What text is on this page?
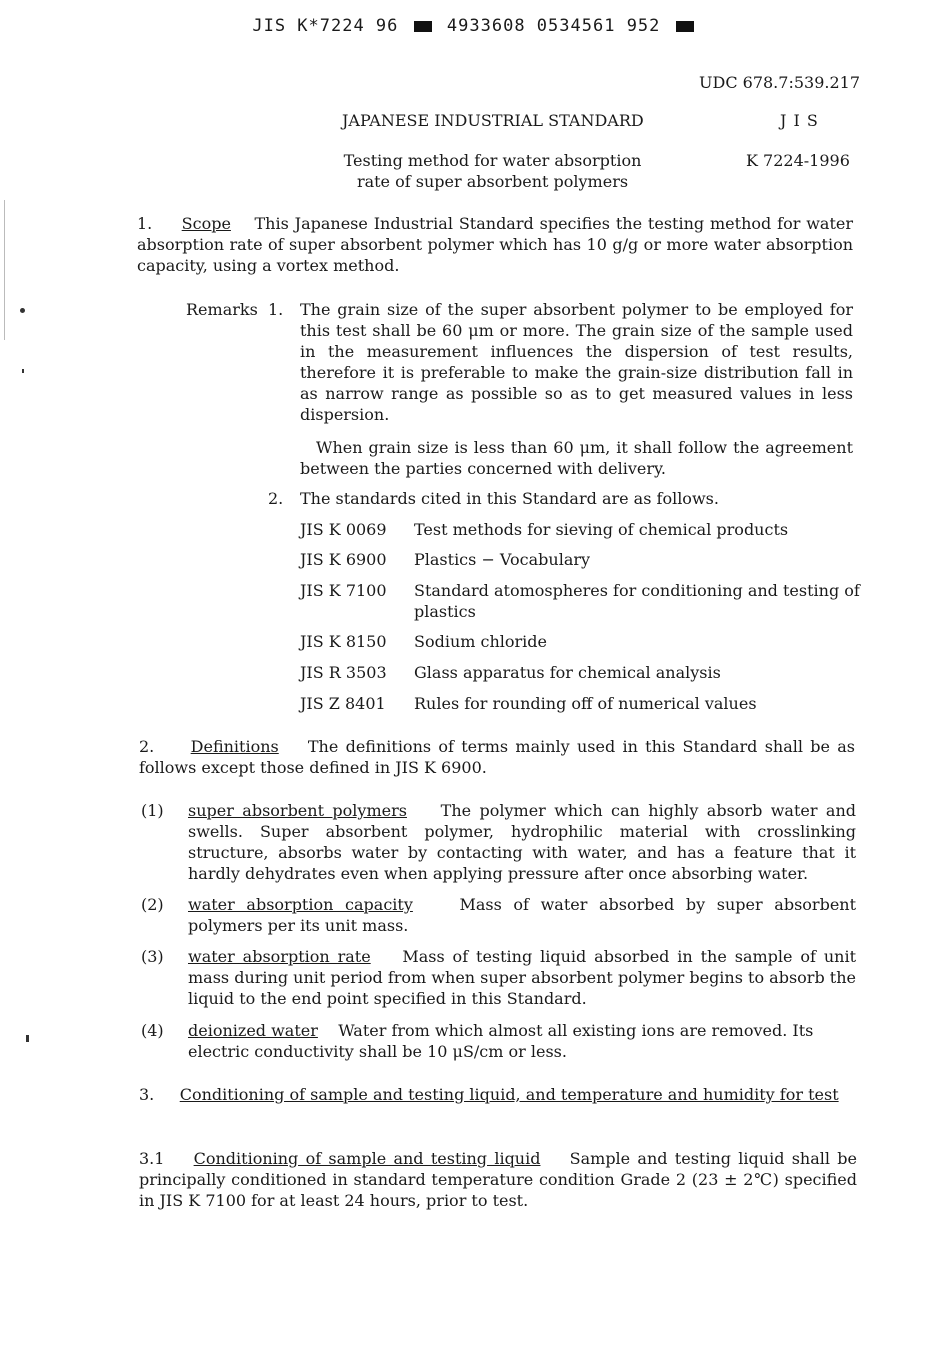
JIS K*7224 96	4933608 0534561 952
UDC 678.7:539.217
JAPANESE INDUSTRIAL STANDARD	J I S
Testing method for water absorption
rate of super absorbent polymers
K 7224-1996
1. Scope This Japanese Industrial Standard specifies the testing method for water absorption rate of super absorbent polymer which has 10 g/g or more water absorption capacity, using a vortex method.
Remarks 1. The grain size of the super absorbent polymer to be employed for this test shall be 60 μm or more. The grain size of the sample used in the measurement influences the dispersion of test results, therefore it is preferable to make the grain-size distribution fall in as narrow range as possible so as to get measured values in less dispersion.
When grain size is less than 60 μm, it shall follow the agreement between the parties concerned with delivery.
2. The standards cited in this Standard are as follows.
JIS K 0069 Test methods for sieving of chemical products
JIS K 6900 Plastics − Vocabulary
JIS K 7100 Standard atomospheres for conditioning and testing of plastics
JIS K 8150 Sodium chloride
JIS R 3503 Glass apparatus for chemical analysis
JIS Z 8401 Rules for rounding off of numerical values
2. Definitions The definitions of terms mainly used in this Standard shall be as follows except those defined in JIS K 6900.
(1) super absorbent polymers The polymer which can highly absorb water and swells. Super absorbent polymer, hydrophilic material with crosslinking structure, absorbs water by contacting with water, and has a feature that it hardly dehydrates even when applying pressure after once absorbing water.
(2) water absorption capacity	Mass of water absorbed by super absorbent polymers per its unit mass.
(3) water absorption rate Mass of testing liquid absorbed in the sample of unit mass during unit period from when super absorbent polymer begins to absorb the liquid to the end point specified in this Standard.
(4) deionized water Water from which almost all existing ions are removed. Its electric conductivity shall be 10 μS/cm or less.
3. Conditioning of sample and testing liquid, and temperature and humidity for test
3.1 Conditioning of sample and testing liquid Sample and testing liquid shall be principally conditioned in standard temperature condition Grade 2 (23 ± 2℃) specified in JIS K 7100 for at least 24 hours, prior to test.
